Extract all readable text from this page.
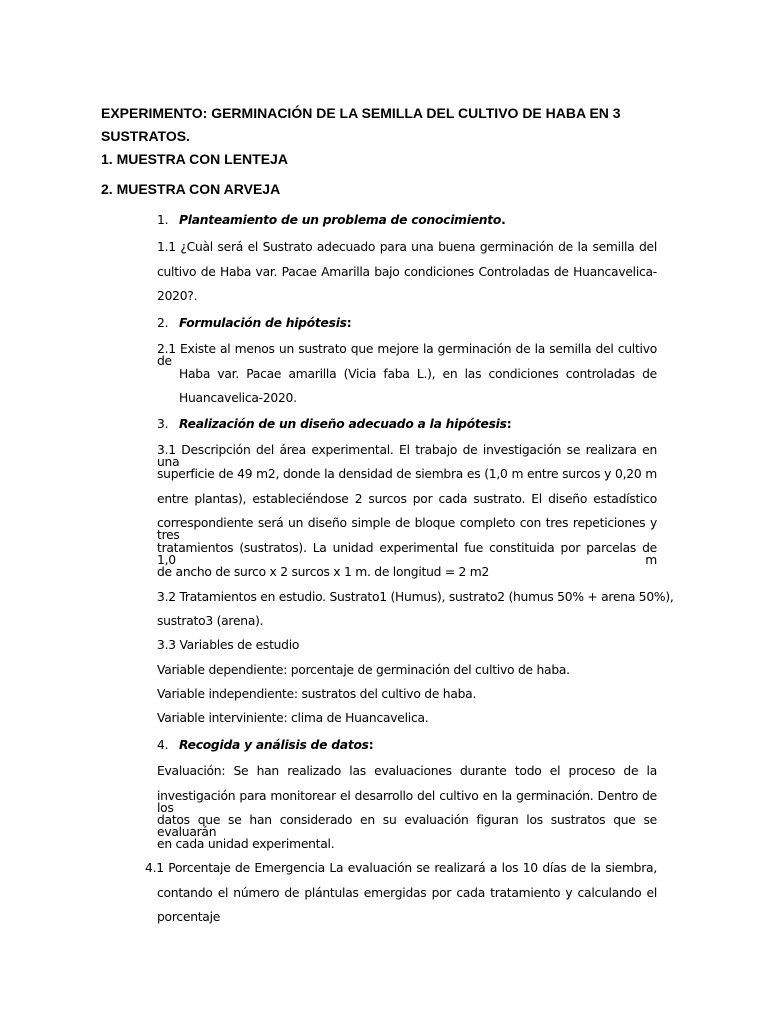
EXPERIMENTO: GERMINACIÓN DE LA SEMILLA DEL CULTIVO DE HABA EN 3
SUSTRATOS.
1. MUESTRA CON LENTEJA
2. MUESTRA CON ARVEJA
1. Planteamiento de un problema de conocimiento.
1.1 ¿Cuàl será el Sustrato adecuado para una buena germinación de la semilla del
cultivo de Haba var. Pacae Amarilla bajo condiciones Controladas de Huancavelica-
2020?.
2. Formulación de hipótesis:
2.1 Existe al menos un sustrato que mejore la germinación de la semilla del cultivo de
Haba var. Pacae amarilla (Vicia faba L.), en las condiciones controladas de
Huancavelica-2020.
3. Realización de un diseño adecuado a la hipótesis:
3.1 Descripción del área experimental. El trabajo de investigación se realizara en una
superficie de 49 m2, donde la densidad de siembra es (1,0 m entre surcos y 0,20 m
entre plantas), estableciéndose 2 surcos por cada sustrato. El diseño estadístico
correspondiente será un diseño simple de bloque completo con tres repeticiones y tres
tratamientos (sustratos). La unidad experimental fue constituida por parcelas de 1,0 m
de ancho de surco x 2 surcos x 1 m. de longitud = 2 m2
3.2 Tratamientos en estudio. Sustrato1 (Humus), sustrato2 (humus 50% + arena 50%),
sustrato3 (arena).
3.3 Variables de estudio
Variable dependiente: porcentaje de germinación del cultivo de haba.
Variable independiente: sustratos del cultivo de haba.
Variable interviniente: clima de Huancavelica.
4. Recogida y análisis de datos:
Evaluación: Se han realizado las evaluaciones durante todo el proceso de la
investigación para monitorear el desarrollo del cultivo en la germinación. Dentro de los
datos que se han considerado en su evaluación figuran los sustratos que se evaluarán
en cada unidad experimental.
4.1 Porcentaje de Emergencia La evaluación se realizará a los 10 días de la siembra,
contando el número de plántulas emergidas por cada tratamiento y calculando el
porcentaje
